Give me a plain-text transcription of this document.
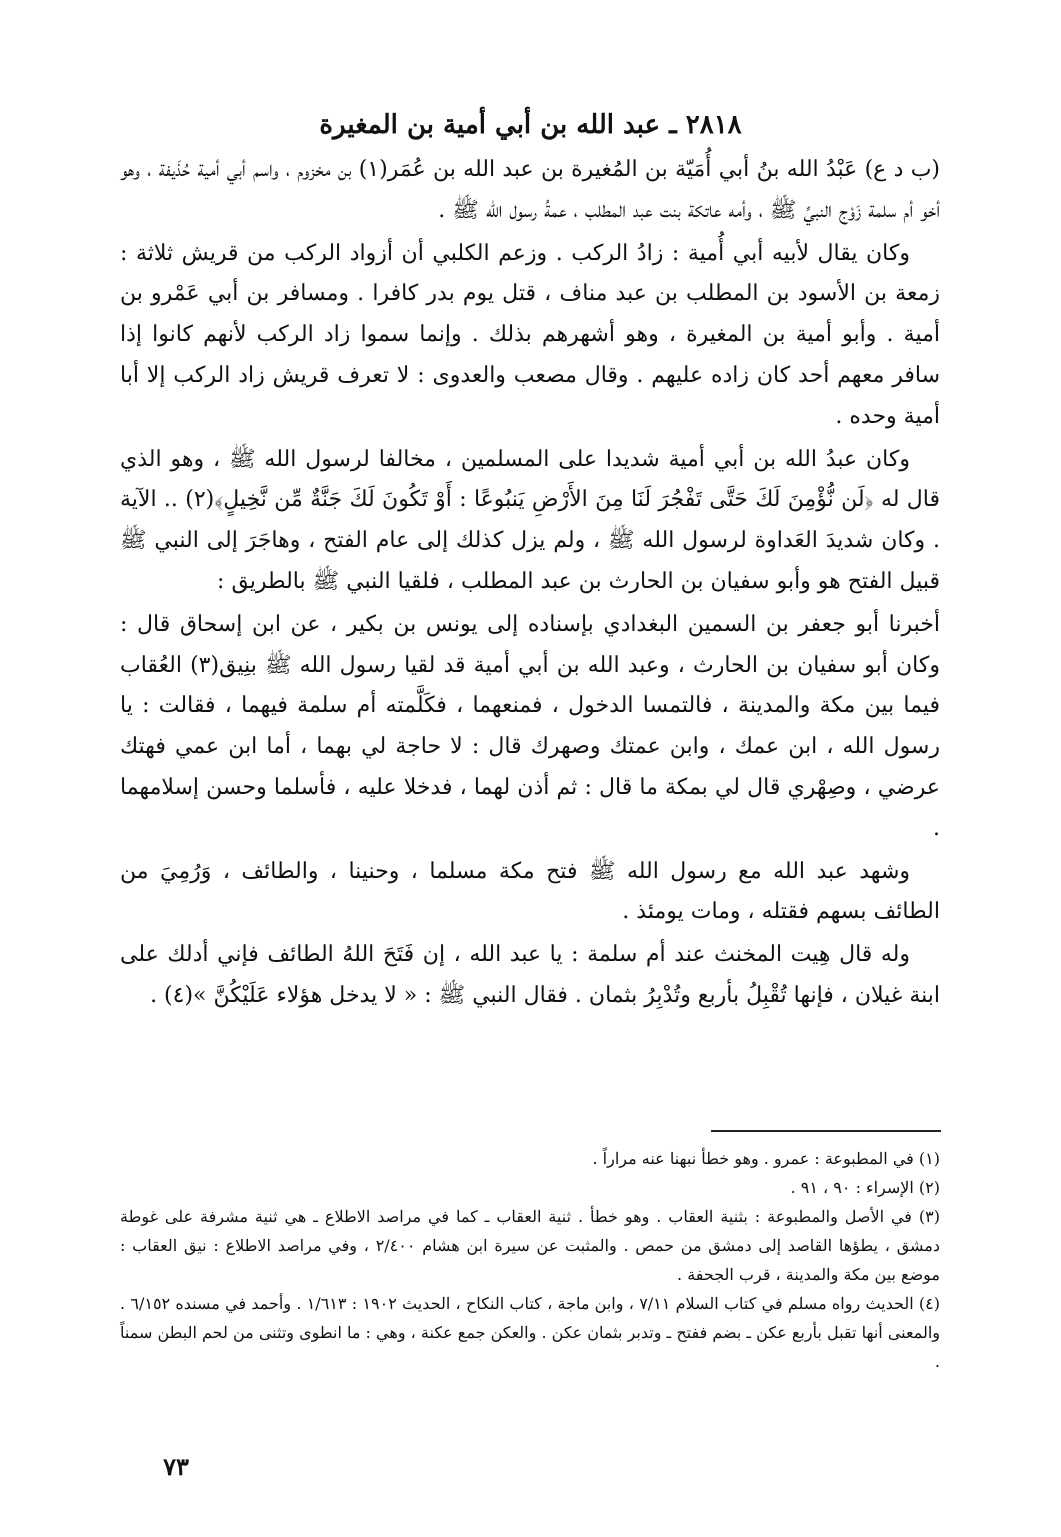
٢٨١٨ ـ عبد الله بن أبي أمية بن المغيرة

(ب د ع) عَبْدُ الله بنُ أبي أُمَيّة بن المُغيرة بن عبد الله بن عُمَر(١) بن مخزوم ، واسم أبي أمية حُذَيفة ، وهو أخو أم سلمة زَوْج النبيِّ ﷺ ، وأمه عاتكة بنت عبد المطلب ، عمةُ رسول الله ﷺ .

وكان يقال لأبيه أبي أُمية : زادُ الركب . وزعم الكلبي أن أزواد الركب من قريش ثلاثة : زمعة بن الأسود بن المطلب بن عبد مناف ، قتل يوم بدر كافرا . ومسافر بن أبي عَمْرو بن أمية . وأبو أمية بن المغيرة ، وهو أشهرهم بذلك . وإنما سموا زاد الركب لأنهم كانوا إذا سافر معهم أحد كان زاده عليهم . وقال مصعب والعدوى : لا تعرف قريش زاد الركب إلا أبا أمية وحده .

وكان عبدُ الله بن أبي أمية شديدا على المسلمين ، مخالفا لرسول الله ﷺ ، وهو الذي قال له ﴿لَن نُّؤْمِنَ لَكَ حَتَّى تَفْجُرَ لَنَا مِنَ الأَرْضِ يَنبُوعًا : أَوْ تَكُونَ لَكَ جَنَّةٌ مِّن نَّخِيلٍ﴾(٢) .. الآية . وكان شديدَ العَداوة لرسول الله ﷺ ، ولم يزل كذلك إلى عام الفتح ، وهاجَرَ إلى النبي ﷺ قبيل الفتح هو وأبو سفيان بن الحارث بن عبد المطلب ، فلقيا النبي ﷺ بالطريق :

أخبرنا أبو جعفر بن السمين البغدادي بإسناده إلى يونس بن بكير ، عن ابن إسحاق قال : وكان أبو سفيان بن الحارث ، وعبد الله بن أبي أمية قد لقيا رسول الله ﷺ بنِيق(٣) العُقاب فيما بين مكة والمدينة ، فالتمسا الدخول ، فمنعهما ، فكَلَّمته أم سلمة فيهما ، فقالت : يا رسول الله ، ابن عمك ، وابن عمتك وصهرك قال : لا حاجة لي بهما ، أما ابن عمي فهتك عرضي ، وصِهْري قال لي بمكة ما قال : ثم أذن لهما ، فدخلا عليه ، فأسلما وحسن إسلامهما .

وشهد عبد الله مع رسول الله ﷺ فتح مكة مسلما ، وحنينا ، والطائف ، وَرُمِيَ من الطائف بسهم فقتله ، ومات يومئذ .

وله قال هِيت المخنث عند أم سلمة : يا عبد الله ، إن فَتَحَ اللهُ الطائف فإني أدلك على ابنة غيلان ، فإنها تُقْبِلُ بأربع وتُدْبِرُ بثمان . فقال النبي ﷺ : « لا يدخل هؤلاء عَلَيْكُنَّ »(٤) .

(١) في المطبوعة : عمرو . وهو خطأ نبهنا عنه مراراً .

(٢) الإسراء : ٩٠ ، ٩١ .

(٣) في الأصل والمطبوعة : بثنية العقاب . وهو خطأ . ثنية العقاب ـ كما في مراصد الاطلاع ـ هي ثنية مشرفة على غوطة دمشق ، يطؤها القاصد إلى دمشق من حمص . والمثبت عن سيرة ابن هشام ٢/٤٠٠ ، وفي مراصد الاطلاع : نيق العقاب : موضع بين مكة والمدينة ، قرب الجحفة .

(٤) الحديث رواه مسلم في كتاب السلام ٧/١١ ، وابن ماجة ، كتاب النكاح ، الحديث ١٩٠٢ : ١/٦١٣ . وأحمد في مسنده ٦/١٥٢ . والمعنى أنها تقبل بأربع عكن ـ بضم ففتح ـ وتدبر بثمان عكن . والعكن جمع عكنة ، وهي : ما انطوى وتثنى من لحم البطن سمناً .

٧٣
